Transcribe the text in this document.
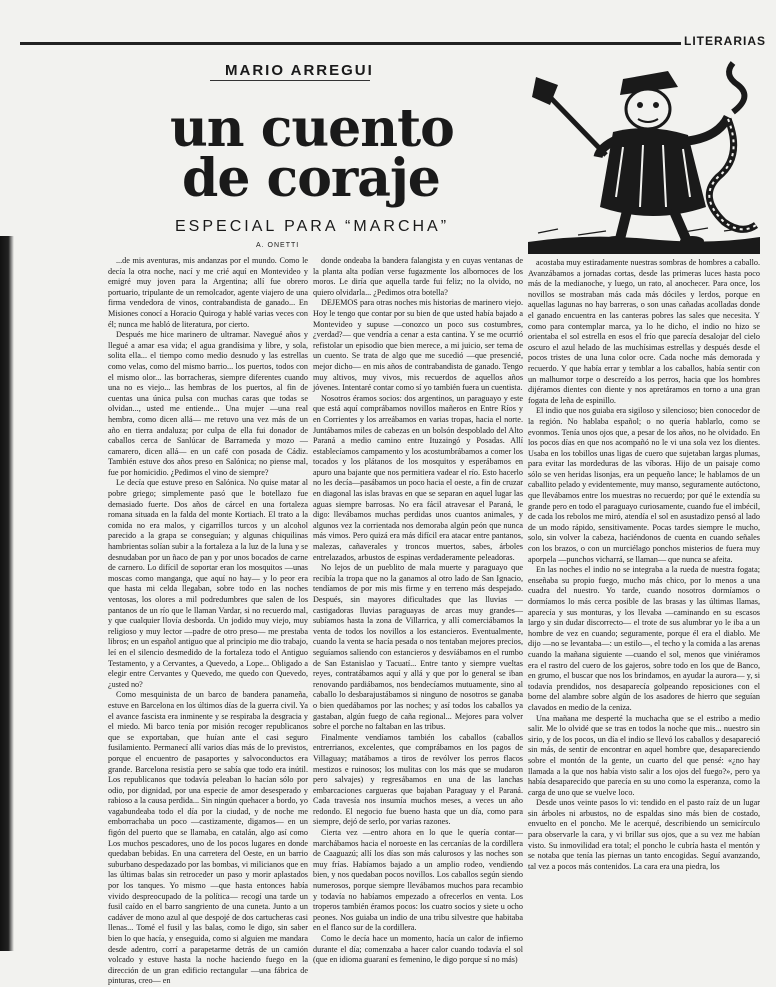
LITERARIAS
MARIO ARREGUI
un cuento
de coraje
ESPECIAL PARA “MARCHA”
A. ONETTI

...de mis aventuras, mis andanzas por el mundo. Como le decía la otra noche, nací y me crié aquí en Montevideo y emigré muy joven para la Argentina; allí fue obrero portuario, tripulante de un remolcador, agente viajero de una firma vendedora de vinos, contrabandista de ganado... En Misiones conocí a Horacio Quiroga y hablé varias veces con él; nunca me habló de literatura, por cierto.

Después me hice marinero de ultramar. Navegué años y llegué a amar esa vida; el agua grandísima y libre, y sola, solita ella... el tiempo como medio desnudo y las estrellas como velas, como del mismo barrio... los puertos, todos con el mismo olor... las borracheras, siempre diferentes cuando una no es viejo... las hembras de los puertos, al fin de cuentas una única pulsa con muchas caras que todas se olvidan..., usted me entiende... Una mujer —una real hembra, como dicen allá— me retuvo una vez más de un año en tierra andaluza; por culpa de ella fui donador de caballos cerca de Sanlúcar de Barrameda y mozo —camarero, dicen allá— en un café con posada de Cádiz. También estuve dos años preso en Salónica; no piense mal, fue por homicidio. ¿Pedimos el vino de siempre?

Le decía que estuve preso en Salónica. No quise matar al pobre griego; simplemente pasó que le botellazo fue demasiado fuerte. Dos años de cárcel en una fortaleza romana situada en la falda del monte Kortiach. El trato a la comida no era malos, y cigarrillos turcos y un alcohol parecido a la grapa se conseguían; y algunas chiquilinas hambrientas solían subir a la fortaleza a la luz de la luna y se desnudaban por un ñaco de pan y por unos bocados de carne de carnero. Lo difícil de soportar eran los mosquitos —unas moscas como manganga, que aquí no hay— y lo peor era que hasta mi celda llegaban, sobre todo en las noches ventosas, los olores a mil podredumbres que salen de los pantanos de un río que le llaman Vardar, si no recuerdo mal, y que cualquier llovía desborda. Un jodido muy viejo, muy religioso y muy lector —padre de otro preso— me prestaba libros; en un español antiguo que al principio me dio trabajo, leí en el silencio desmedido de la fortaleza todo el Antiguo Testamento, y a Cervantes, a Quevedo, a Lope... Obligado a elegir entre Cervantes y Quevedo, me quedo con Quevedo, ¿usted no?

Como mesquinista de un barco de bandera panameña, estuve en Barcelona en los últimos días de la guerra civil. Ya el avance fascista era inminente y se respiraba la desgracia y el miedo. Mi barco tenía por misión recoger republicanos que se exportaban, que huían ante el casi seguro fusilamiento. Permanecí allí varios días más de lo previstos, porque el encuentro de pasaportes y salvoconductos era grande. Barcelona resistía pero se sabía que todo era inútil. Los republicanos que todavía peleaban lo hacían sólo por odio, por dignidad, por una especie de amor desesperado y rabioso a la causa perdida... Sin ningún quehacer a bordo, yo vagabundeaba todo el día por la ciudad, y de noche me emborrachaba un poco —castizamente, digamos— en un figón del puerto que se llamaba, en catalán, algo así como Los muchos pescadores, uno de los pocos lugares en donde quedaban bebidas. En una carretera del Oeste, en un barrio suburbano despedazado por las bombas, vi milicianos que en las últimas balas sin retroceder un paso y morir aplastados por los tanques. Yo mismo —que hasta entonces había vivido despreocupado de la política— recogí una tarde un fusil caído en el barro sangriento de una cuneta. Junto a un cadáver de mono azul al que despojé de dos cartucheras casi llenas... Tomé el fusil y las balas, como le digo, sin saber bien lo que hacía, y enseguida, como si alguien me mandara desde adentro, corrí a parapetarme detrás de un camión volcado y estuve hasta la noche haciendo fuego en la dirección de un gran edificio rectangular —una fábrica de pinturas, creo— en

donde ondeaba la bandera falangista y en cuyas ventanas de la planta alta podían verse fugazmente los albornoces de los moros. Le diría que aquella tarde fui feliz; no la olvido, no quiero olvidarla... ¿Pedimos otra botella?

DEJEMOS para otras noches mis historias de marinero viejo. Hoy le tengo que contar por su bien de que usted había bajado a Montevideo y supuse —conozco un poco sus costumbres, ¿verdad?— que vendría a cenar a esta cantina. Y se me ocurrió refistolar un episodio que bien merece, a mi juicio, ser tema de un cuento. Se trata de algo que me sucedió —que presencié, mejor dicho— en mis años de contrabandista de ganado. Tengo muy altivos, muy vivos, mis recuerdos de aquellos años jóvenes. Intentaré contar como sí yo también fuera un cuentista.

Nosotros éramos socios: dos argentinos, un paraguayo y este que está aquí comprábamos novillos mañeros en Entre Ríos y en Corrientes y los arreábamos en varias tropas, hacia el norte. Juntábamos miles de cabezas en un bolsón despoblado del Alto Paraná a medio camino entre Ituzaingó y Posadas. Allí establecíamos campamento y los acostumbrábamos a comer los tocados y los plátanos de los mosquitos y esperábamos en apuro una bajante que nos permitiera vadear el río. Esto hacerlo no les decía—pasábamos un poco hacia el oeste, a fin de cruzar en diagonal las islas bravas en que se separan en aquel lugar las aguas siempre barrosas. No era fácil atravesar el Paraná, le digo: llevábamos muchas perdidas unos cuantos animales, y algunos vez la corrientada nos demoraba algún peón que nunca más vimos. Pero quizá era más difícil era atacar entre pantanos, malezas, cañaverales y troncos muertos, sabes, árboles entrelazados, arbustos de espinas verdaderamente peleadoras.

No lejos de un pueblito de mala muerte y paraguayo que recibía la tropa que no la ganamos al otro lado de San Ignacio, tendíamos de por mis mis firme y en terreno más despejado. Después, sin mayores dificultades que las lluvias —castigadoras lluvias paraguayas de arcas muy grandes— subíamos hasta la zona de Villarrica, y allí comerciábamos la venta de todos los novillos a los estancieros. Eventualmente, cuando la venta se hacía pesada o nos tentaban mejores precios, seguíamos saliendo con estancieros y desvíábamos en el rumbo de San Estanislao y Tacuatí... Entre tanto y siempre vueltas reyes, contratábamos aquí y allá y que por lo general se iban renovando pardiábamos, nos bendecíamos mutuamente, sino al caballo lo desbarajustábamos si ninguno de nosotros se ganaba o bien quedábamos por las noches; y así todos los caballos ya gastaban, algún fuego de caña regional... Mejores para volver sobre el porche no faltaban en las tribus.

Finalmente vendíamos también los caballos (caballos entrerrianos, excelentes, que comprábamos en los pagos de Villaguay; matábamos a tiros de revólver los perros flacos mestizos e ruinosos; los mulitas con los más que se mudaron pero salvajes) y regresábamos en una de las lanchas embarcaciones cargueras que bajaban Paraguay y el Paraná. Cada travesía nos insumía muchos meses, a veces un año redondo. El negocio fue bueno hasta que un día, como para siempre, dejó de serlo, por varias razones.

Cierta vez —entro ahora en lo que le quería contar— marchábamos hacia el noroeste en las cercanías de la cordillera de Caaguazú; allí los días son más calurosos y las noches son muy frías. Habíamos bajado a un amplio rodeo, vendiendo bien, y nos quedaban pocos novillos. Los caballos según siendo numerosos, porque siempre llevábamos muchos para recambio y todavía no habíamos empezado a ofrecerlos en venta. Los troperos también éramos pocos: los cuatro socios y siete u ocho peones. Nos guiaba un indio de una tribu silvestre que habitaba en el flanco sur de la cordillera.

Como le decía hace un momento, hacía un calor de infierno durante el día; comenzaba a hacer calor cuando todavía el sol (que en idioma guaraní es femenino, le digo porque sí no más)

acostaba muy estiradamente nuestras sombras de hombres a caballo. Avanzábamos a jornadas cortas, desde las primeras luces hasta poco más de la medianoche, y luego, un rato, al anochecer. Para once, los novillos se mostraban más cada más dóciles y lerdos, porque en aquellas lagunas no hay barreras, o son unas cañadas acolladas donde el ganado encuentra en las canteras pobres las sales que necesita. Y como para contemplar marca, ya lo he dicho, el indio no hizo se orientaba el sol estrella en esos el frío que parecía desalojar del cielo oscuro el azul helado de las muchísimas estrellas y después desde el pocos tristes de una luna color ocre. Cada noche más demorada y recuerdo. Y que había errar y temblar a los caballos, había sentir con un malhumor torpe o descreído a los perros, hacia que los hombres dijéramos dientes con diente y nos apretáramos en torno a una gran fogata de leña de espinillo.

El indio que nos guiaba era sigiloso y silencioso; bien conocedor de la región. No hablaba español; o no quería hablarlo, como se evonmos. Tenía unos ojos que, a pesar de los años, no he olvidado. En los pocos días en que nos acompañó no le vi una sola vez los dientes. Usaba en los tobillos unas ligas de cuero que sujetaban largas plumas, para evitar las mordeduras de las víboras. Hijo de un paisaje como sólo se ven heridas lisonjas, era un pequeño lance; le hablamos de un caballito pelado y evidentemente, muy manso, seguramente autóctono, que llevábamos entre los muestras no recuerdo; por qué le extendía su grande pero en todo el paraguayo curiosamente, cuando fue el imbécil, de cada los rebolos me miró, atendía el sol en asustadizo pensó al lado de un modo rápido, sensitivamente. Pocas tardes siempre le mucho, solo, sin volver la cabeza, haciéndonos de cuenta en cuando señales con los brazos, o con un murciélago ponchos misterios de fuera muy aporpela —punchos vicharrá, se llaman— que nunca se afeita.

En las noches el indio no se integraba a la rueda de nuestra fogata; enseñaba su propio fuego, mucho más chico, por lo menos a una cuadra del nuestro. Yo tarde, cuando nosotros dormíamos o dormíamos lo más cerca posible de las brasas y las últimas llamas, aparecía y sus monturas, y los llevaba —caminando en su escasos largo y sin dudar discorrecto— el trote de sus alumbrar yo le iba a un hombre de vez en cuando; seguramente, porque él era el diablo. Me dijo —no se levantaba—: un estilo—, el techo y la comida a las arenas cuando la mañana siguiente —cuando el sol, menos que viniéramos era el rastro del cuero de los gajeros, sobre todo en los que de Banco, en grumo, el buscar que nos los brindamos, en ayudar la aurora— y, si todavía prendidos, nos desaparecía golpeando reposiciones con el borne del alambre sobre algún de los asadores de hierro que seguían clavados en medio de la ceniza.

Una mañana me desperté la muchacha que se el estribo a medio salir. Me lo olvidé que se tras en todos la noche que mis... nuestro sin sirio, y de los pocos, un día el indio se llevó los caballos y desapareció sin más, de sentir de encontrar en aquel hombre que, desapareciendo sobre el montón de la gente, un cuarto del que pensé: «¿no hay llamada a la que nos había visto salir a los ojos del fuego?», pero ya había desaparecido que parecía en su uno como la esperanza, como la carga de uno que se vuelve loco.

Desde unos veinte pasos lo vi: tendido en el pasto raíz de un lugar sin árboles ni arbustos, no de espaldas sino más bien de costado, envuelto en el poncho. Me le acerqué, describiendo un semicírculo para observarle la cara, y vi brillar sus ojos, que a su vez me habían visto. Su inmovilidad era total; el poncho le cubría hasta el mentón y se notaba que tenía las piernas un tanto encogidas. Seguí avanzando, tal vez a pocos más contenidos. La cara era una piedra, los
